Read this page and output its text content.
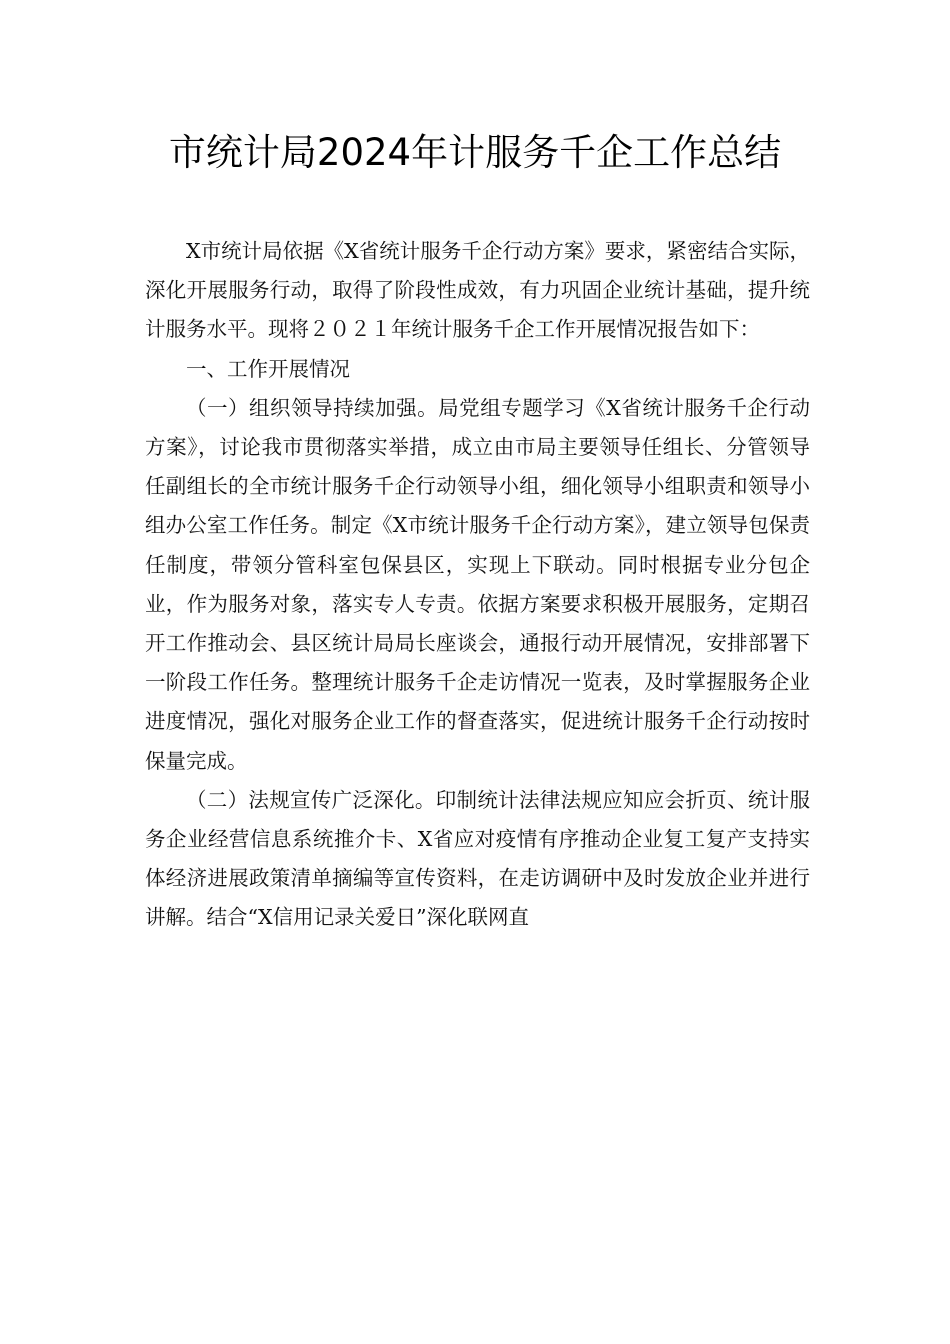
市统计局2024年计服务千企工作总结

X市统计局依据《X省统计服务千企行动方案》要求，紧密结合实际，深化开展服务行动，取得了阶段性成效，有力巩固企业统计基础，提升统计服务水平。现将２０２１年统计服务千企工作开展情况报告如下：

一、工作开展情况

（一）组织领导持续加强。局党组专题学习《X省统计服务千企行动方案》，讨论我市贯彻落实举措，成立由市局主要领导任组长、分管领导任副组长的全市统计服务千企行动领导小组，细化领导小组职责和领导小组办公室工作任务。制定《X市统计服务千企行动方案》，建立领导包保责任制度，带领分管科室包保县区，实现上下联动。同时根据专业分包企业，作为服务对象，落实专人专责。依据方案要求积极开展服务，定期召开工作推动会、县区统计局局长座谈会，通报行动开展情况，安排部署下一阶段工作任务。整理统计服务千企走访情况一览表，及时掌握服务企业进度情况，强化对服务企业工作的督查落实，促进统计服务千企行动按时保量完成。

（二）法规宣传广泛深化。印制统计法律法规应知应会折页、统计服务企业经营信息系统推介卡、X省应对疫情有序推动企业复工复产支持实体经济进展政策清单摘编等宣传资料，在走访调研中及时发放企业并进行讲解。结合“X信用记录关爱日”深化联网直
